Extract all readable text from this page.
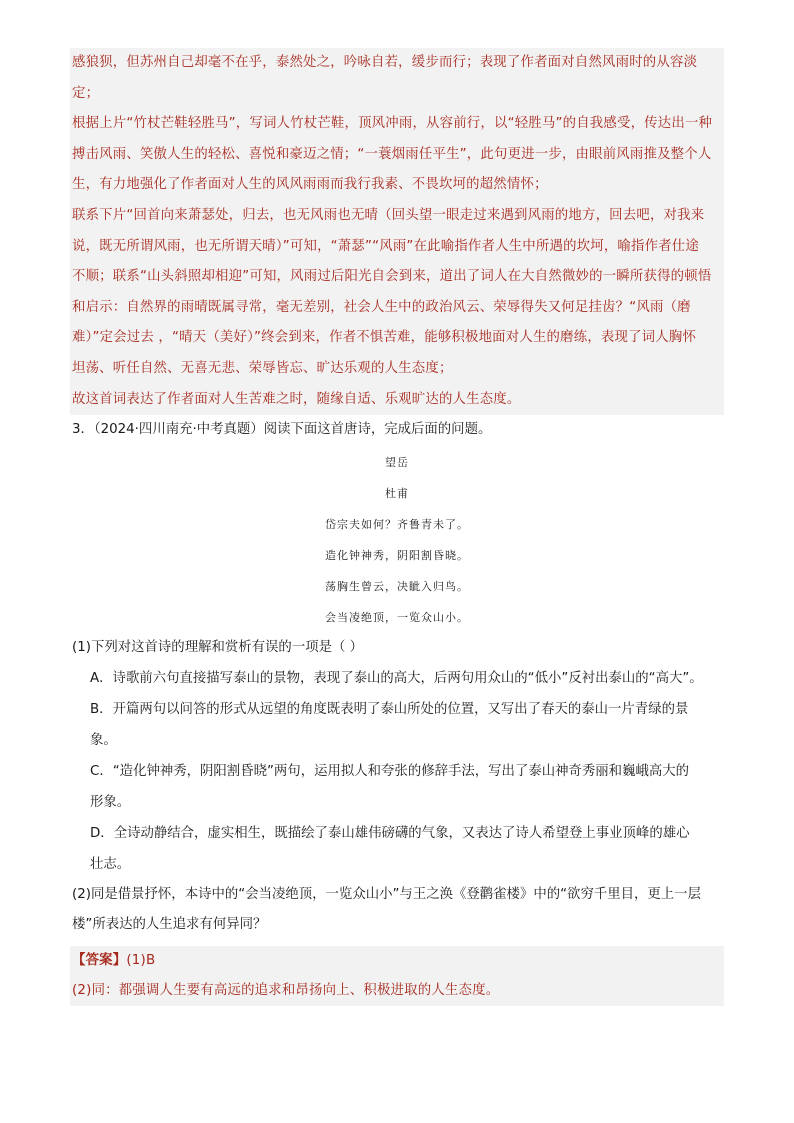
感狼狈，但苏州自己却毫不在乎，泰然处之，吟咏自若，缓步而行；表现了作者面对自然风雨时的从容淡

定；

根据上片“竹杖芒鞋轻胜马”，写词人竹杖芒鞋，顶风冲雨，从容前行，以“轻胜马”的自我感受，传达出一种

搏击风雨、笑傲人生的轻松、喜悦和豪迈之情；“一蓑烟雨任平生”，此句更进一步，由眼前风雨推及整个人

生，有力地强化了作者面对人生的风风雨雨而我行我素、不畏坎坷的超然情怀；

联系下片“回首向来萧瑟处，归去，也无风雨也无晴（回头望一眼走过来遇到风雨的地方，回去吧，对我来

说，既无所谓风雨，也无所谓天晴）”可知，“萧瑟”“风雨”在此喻指作者人生中所遇的坎坷，喻指作者仕途

不顺；联系“山头斜照却相迎”可知，风雨过后阳光自会到来，道出了词人在大自然微妙的一瞬所获得的顿悟

和启示：自然界的雨晴既属寻常，毫无差别，社会人生中的政治风云、荣辱得失又何足挂齿？“风雨（磨

难）”定会过去 ，“晴天（美好）”终会到来，作者不惧苦难，能够积极地面对人生的磨练，表现了词人胸怀

坦荡、听任自然、无喜无悲、荣辱皆忘、旷达乐观的人生态度；

故这首词表达了作者面对人生苦难之时，随缘自适、乐观旷达的人生态度。

3．（2024·四川南充·中考真题）阅读下面这首唐诗，完成后面的问题。

望岳
杜甫
岱宗夫如何？齐鲁青未了。
造化钟神秀，阴阳割昏晓。
荡胸生曾云，决眦入归鸟。
会当凌绝顶，一览众山小。

(1)下列对这首诗的理解和赏析有误的一项是（ ）

A．诗歌前六句直接描写泰山的景物，表现了泰山的高大，后两句用众山的“低小”反衬出泰山的“高大”。

B．开篇两句以问答的形式从远望的角度既表明了泰山所处的位置，又写出了春天的泰山一片青绿的景

象。

C．“造化钟神秀，阴阳割昏晓”两句，运用拟人和夸张的修辞手法，写出了泰山神奇秀丽和巍峨高大的

形象。

D．全诗动静结合，虚实相生，既描绘了泰山雄伟磅礴的气象，又表达了诗人希望登上事业顶峰的雄心

壮志。

(2)同是借景抒怀，本诗中的“会当凌绝顶，一览众山小”与王之涣《登鹳雀楼》中的“欲穷千里目，更上一层

楼”所表达的人生追求有何异同？

【答案】(1)B

(2)同：都强调人生要有高远的追求和昂扬向上、积极进取的人生态度。
